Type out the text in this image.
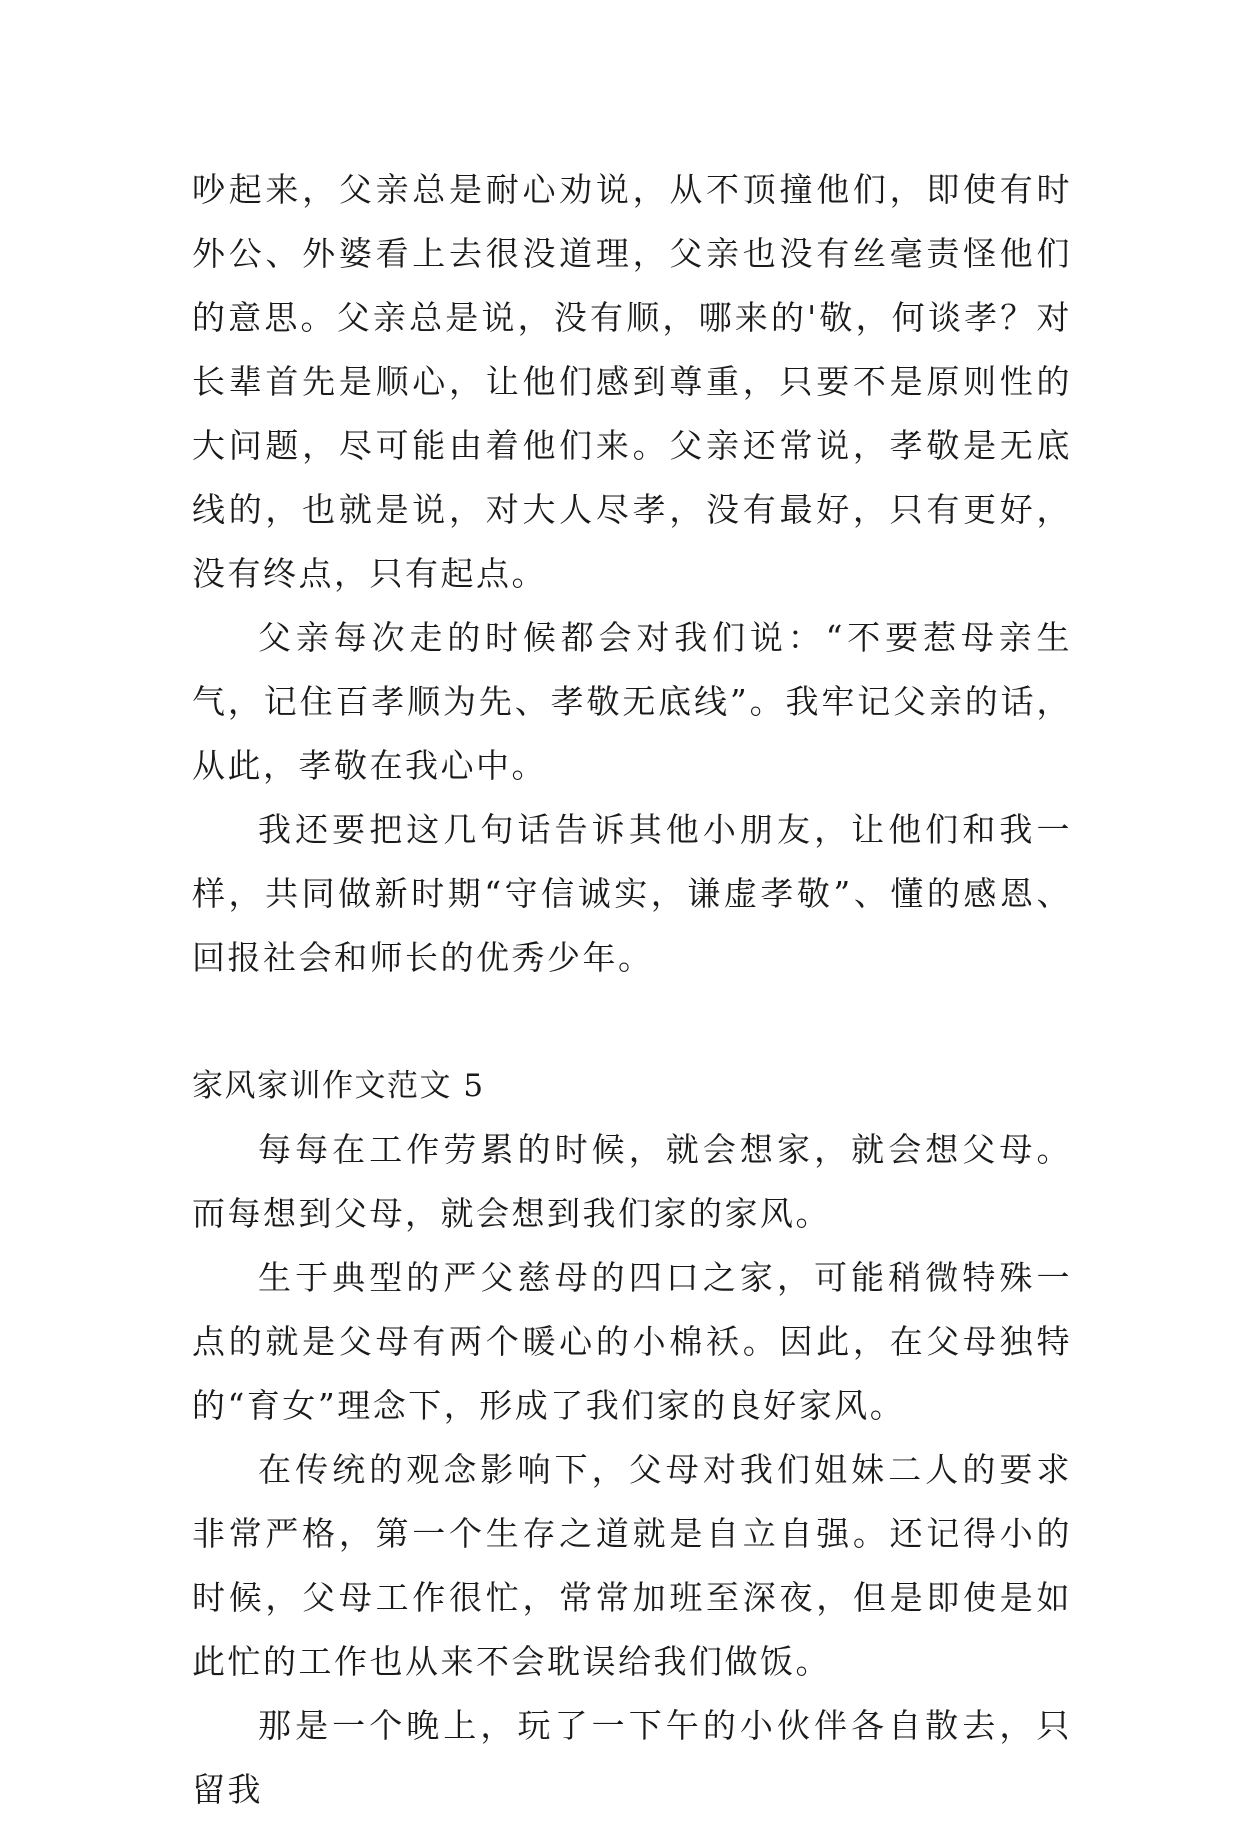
吵起来，父亲总是耐心劝说，从不顶撞他们，即使有时外公、外婆看上去很没道理，父亲也没有丝毫责怪他们的意思。父亲总是说，没有顺，哪来的'敬，何谈孝？对长辈首先是顺心，让他们感到尊重，只要不是原则性的大问题，尽可能由着他们来。父亲还常说，孝敬是无底线的，也就是说，对大人尽孝，没有最好，只有更好，没有终点，只有起点。

父亲每次走的时候都会对我们说：“不要惹母亲生气，记住百孝顺为先、孝敬无底线”。我牢记父亲的话，从此，孝敬在我心中。

我还要把这几句话告诉其他小朋友，让他们和我一样，共同做新时期“守信诚实，谦虚孝敬”、懂的感恩、回报社会和师长的优秀少年。

家风家训作文范文 5

每每在工作劳累的时候，就会想家，就会想父母。而每想到父母，就会想到我们家的家风。

生于典型的严父慈母的四口之家，可能稍微特殊一点的就是父母有两个暖心的小棉袄。因此，在父母独特的“育女”理念下，形成了我们家的良好家风。

在传统的观念影响下，父母对我们姐妹二人的要求非常严格，第一个生存之道就是自立自强。还记得小的时候，父母工作很忙，常常加班至深夜，但是即使是如此忙的工作也从来不会耽误给我们做饭。

那是一个晚上，玩了一下午的小伙伴各自散去，只留我
